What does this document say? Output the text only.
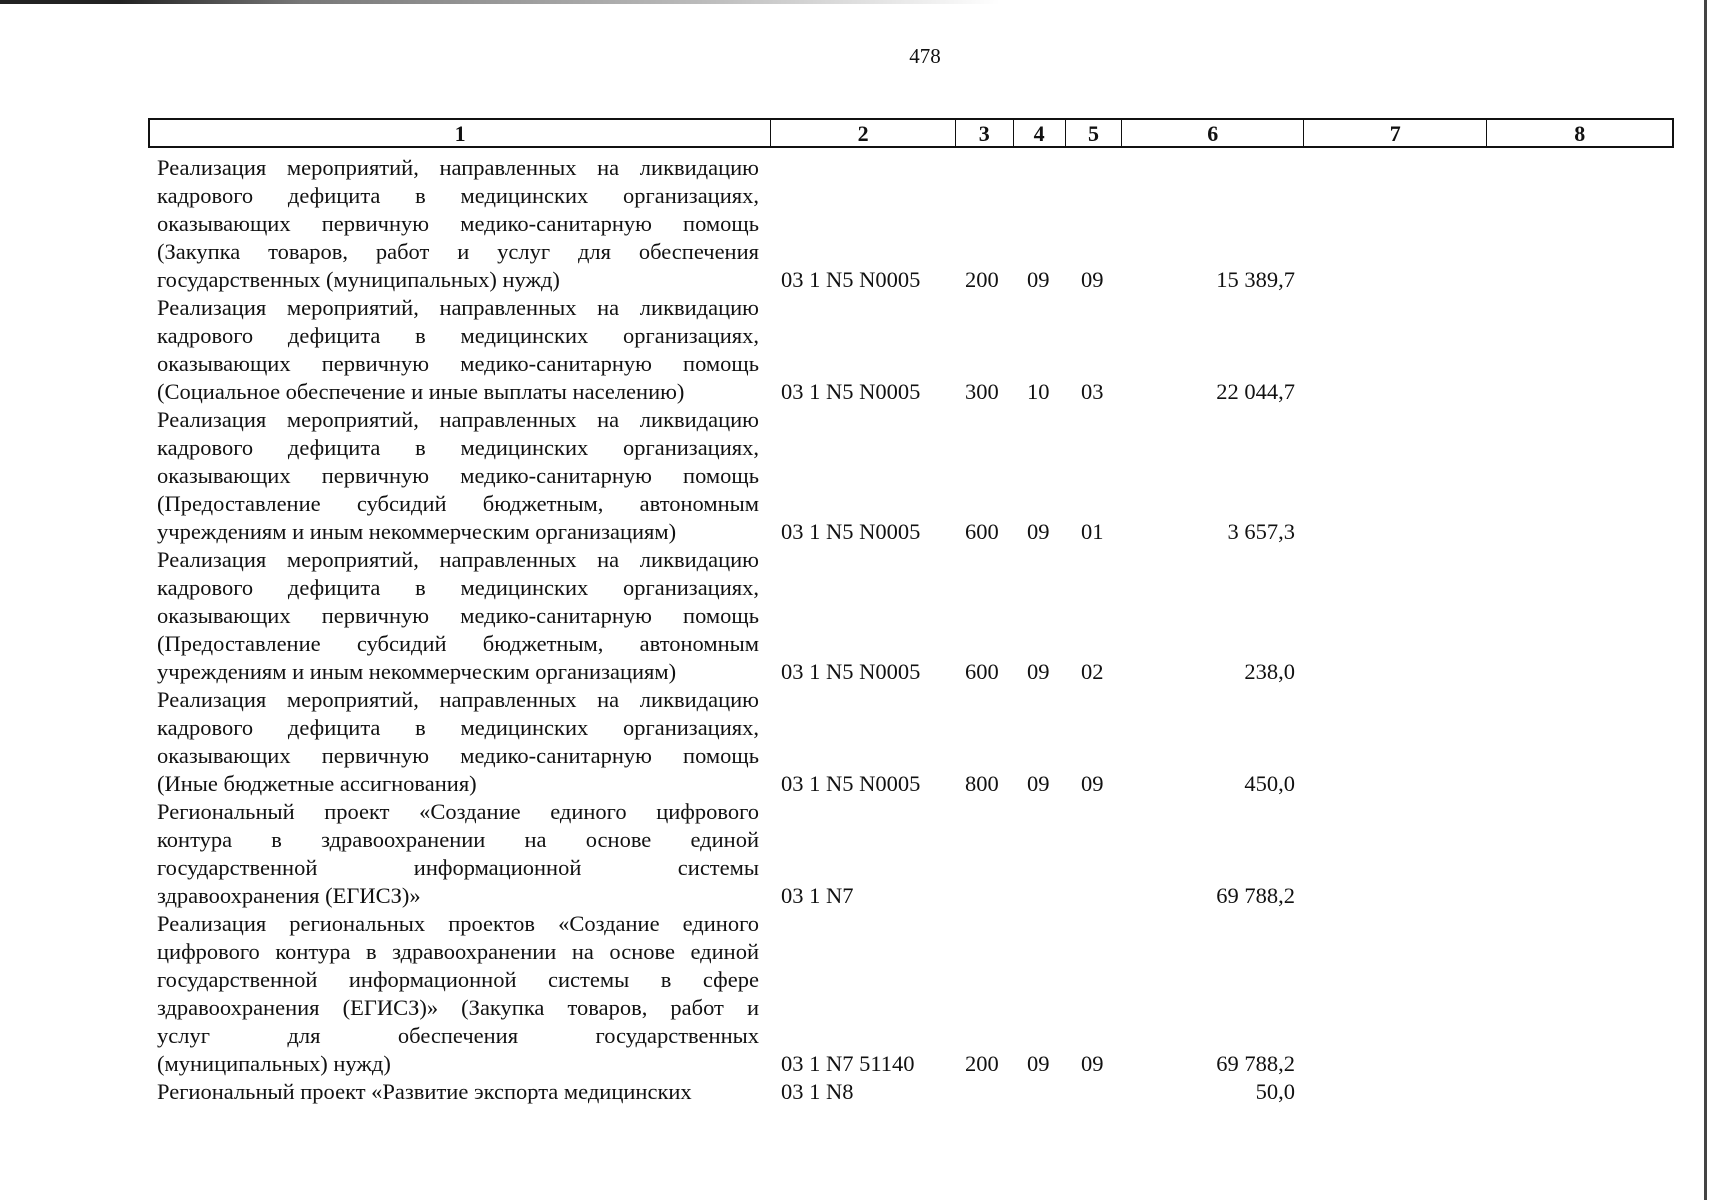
478
1	2	3	4	5	6	7	8
Реализация мероприятий, направленных на ликвидацию
кадрового дефицита в медицинских организациях,
оказывающих первичную медико-санитарную помощь
(Закупка товаров, работ и услуг для обеспечения
государственных (муниципальных) нужд)	03 1 N5 N0005 200 09 09	15 389,7
Реализация мероприятий, направленных на ликвидацию
кадрового дефицита в медицинских организациях,
оказывающих первичную медико-санитарную помощь
(Социальное обеспечение и иные выплаты населению)	03 1 N5 N0005 300 10 03	22 044,7
Реализация мероприятий, направленных на ликвидацию
кадрового дефицита в медицинских организациях,
оказывающих первичную медико-санитарную помощь
(Предоставление субсидий бюджетным, автономным
учреждениям и иным некоммерческим организациям)	03 1 N5 N0005 600 09 01	3 657,3
Реализация мероприятий, направленных на ликвидацию
кадрового дефицита в медицинских организациях,
оказывающих первичную медико-санитарную помощь
(Предоставление субсидий бюджетным, автономным
учреждениям и иным некоммерческим организациям)	03 1 N5 N0005 600 09 02	238,0
Реализация мероприятий, направленных на ликвидацию
кадрового дефицита в медицинских организациях,
оказывающих первичную медико-санитарную помощь
(Иные бюджетные ассигнования)	03 1 N5 N0005 800 09 09	450,0
Региональный проект «Создание единого цифрового
контура в здравоохранении на основе единой
государственной информационной системы
здравоохранения (ЕГИСЗ)»	03 1 N7	69 788,2
Реализация региональных проектов «Создание единого
цифрового контура в здравоохранении на основе единой
государственной информационной системы в сфере
здравоохранения (ЕГИСЗ)» (Закупка товаров, работ и
услуг для обеспечения государственных
(муниципальных) нужд)	03 1 N7 51140 200 09 09	69 788,2
Региональный проект «Развитие экспорта медицинских	03 1 N8	50,0
